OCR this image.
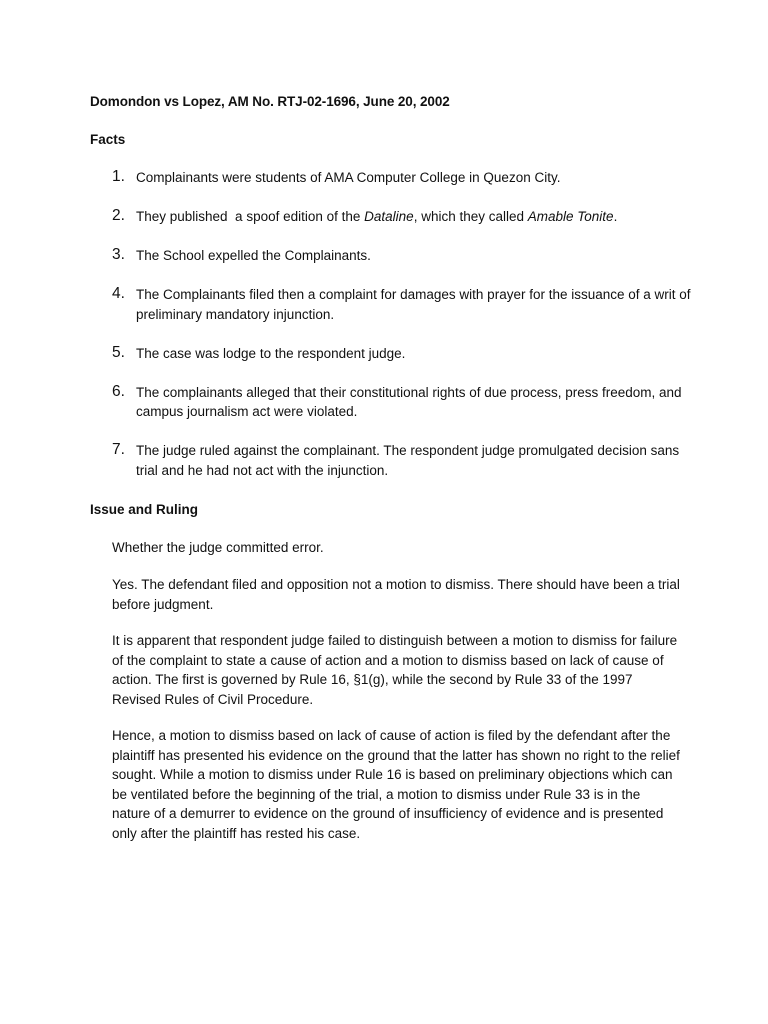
Domondon vs Lopez, AM No. RTJ-02-1696, June 20, 2002
Facts
1. Complainants were students of AMA Computer College in Quezon City.
2. They published  a spoof edition of the Dataline, which they called Amable Tonite.
3. The School expelled the Complainants.
4. The Complainants filed then a complaint for damages with prayer for the issuance of a writ of preliminary mandatory injunction.
5. The case was lodge to the respondent judge.
6. The complainants alleged that their constitutional rights of due process, press freedom, and campus journalism act were violated.
7. The judge ruled against the complainant. The respondent judge promulgated decision sans trial and he had not act with the injunction.
Issue and Ruling

Whether the judge committed error.

Yes. The defendant filed and opposition not a motion to dismiss. There should have been a trial before judgment.

It is apparent that respondent judge failed to distinguish between a motion to dismiss for failure of the complaint to state a cause of action and a motion to dismiss based on lack of cause of action. The first is governed by Rule 16, §1(g), while the second by Rule 33 of the 1997 Revised Rules of Civil Procedure.

Hence, a motion to dismiss based on lack of cause of action is filed by the defendant after the plaintiff has presented his evidence on the ground that the latter has shown no right to the relief sought. While a motion to dismiss under Rule 16 is based on preliminary objections which can be ventilated before the beginning of the trial, a motion to dismiss under Rule 33 is in the nature of a demurrer to evidence on the ground of insufficiency of evidence and is presented only after the plaintiff has rested his case.
